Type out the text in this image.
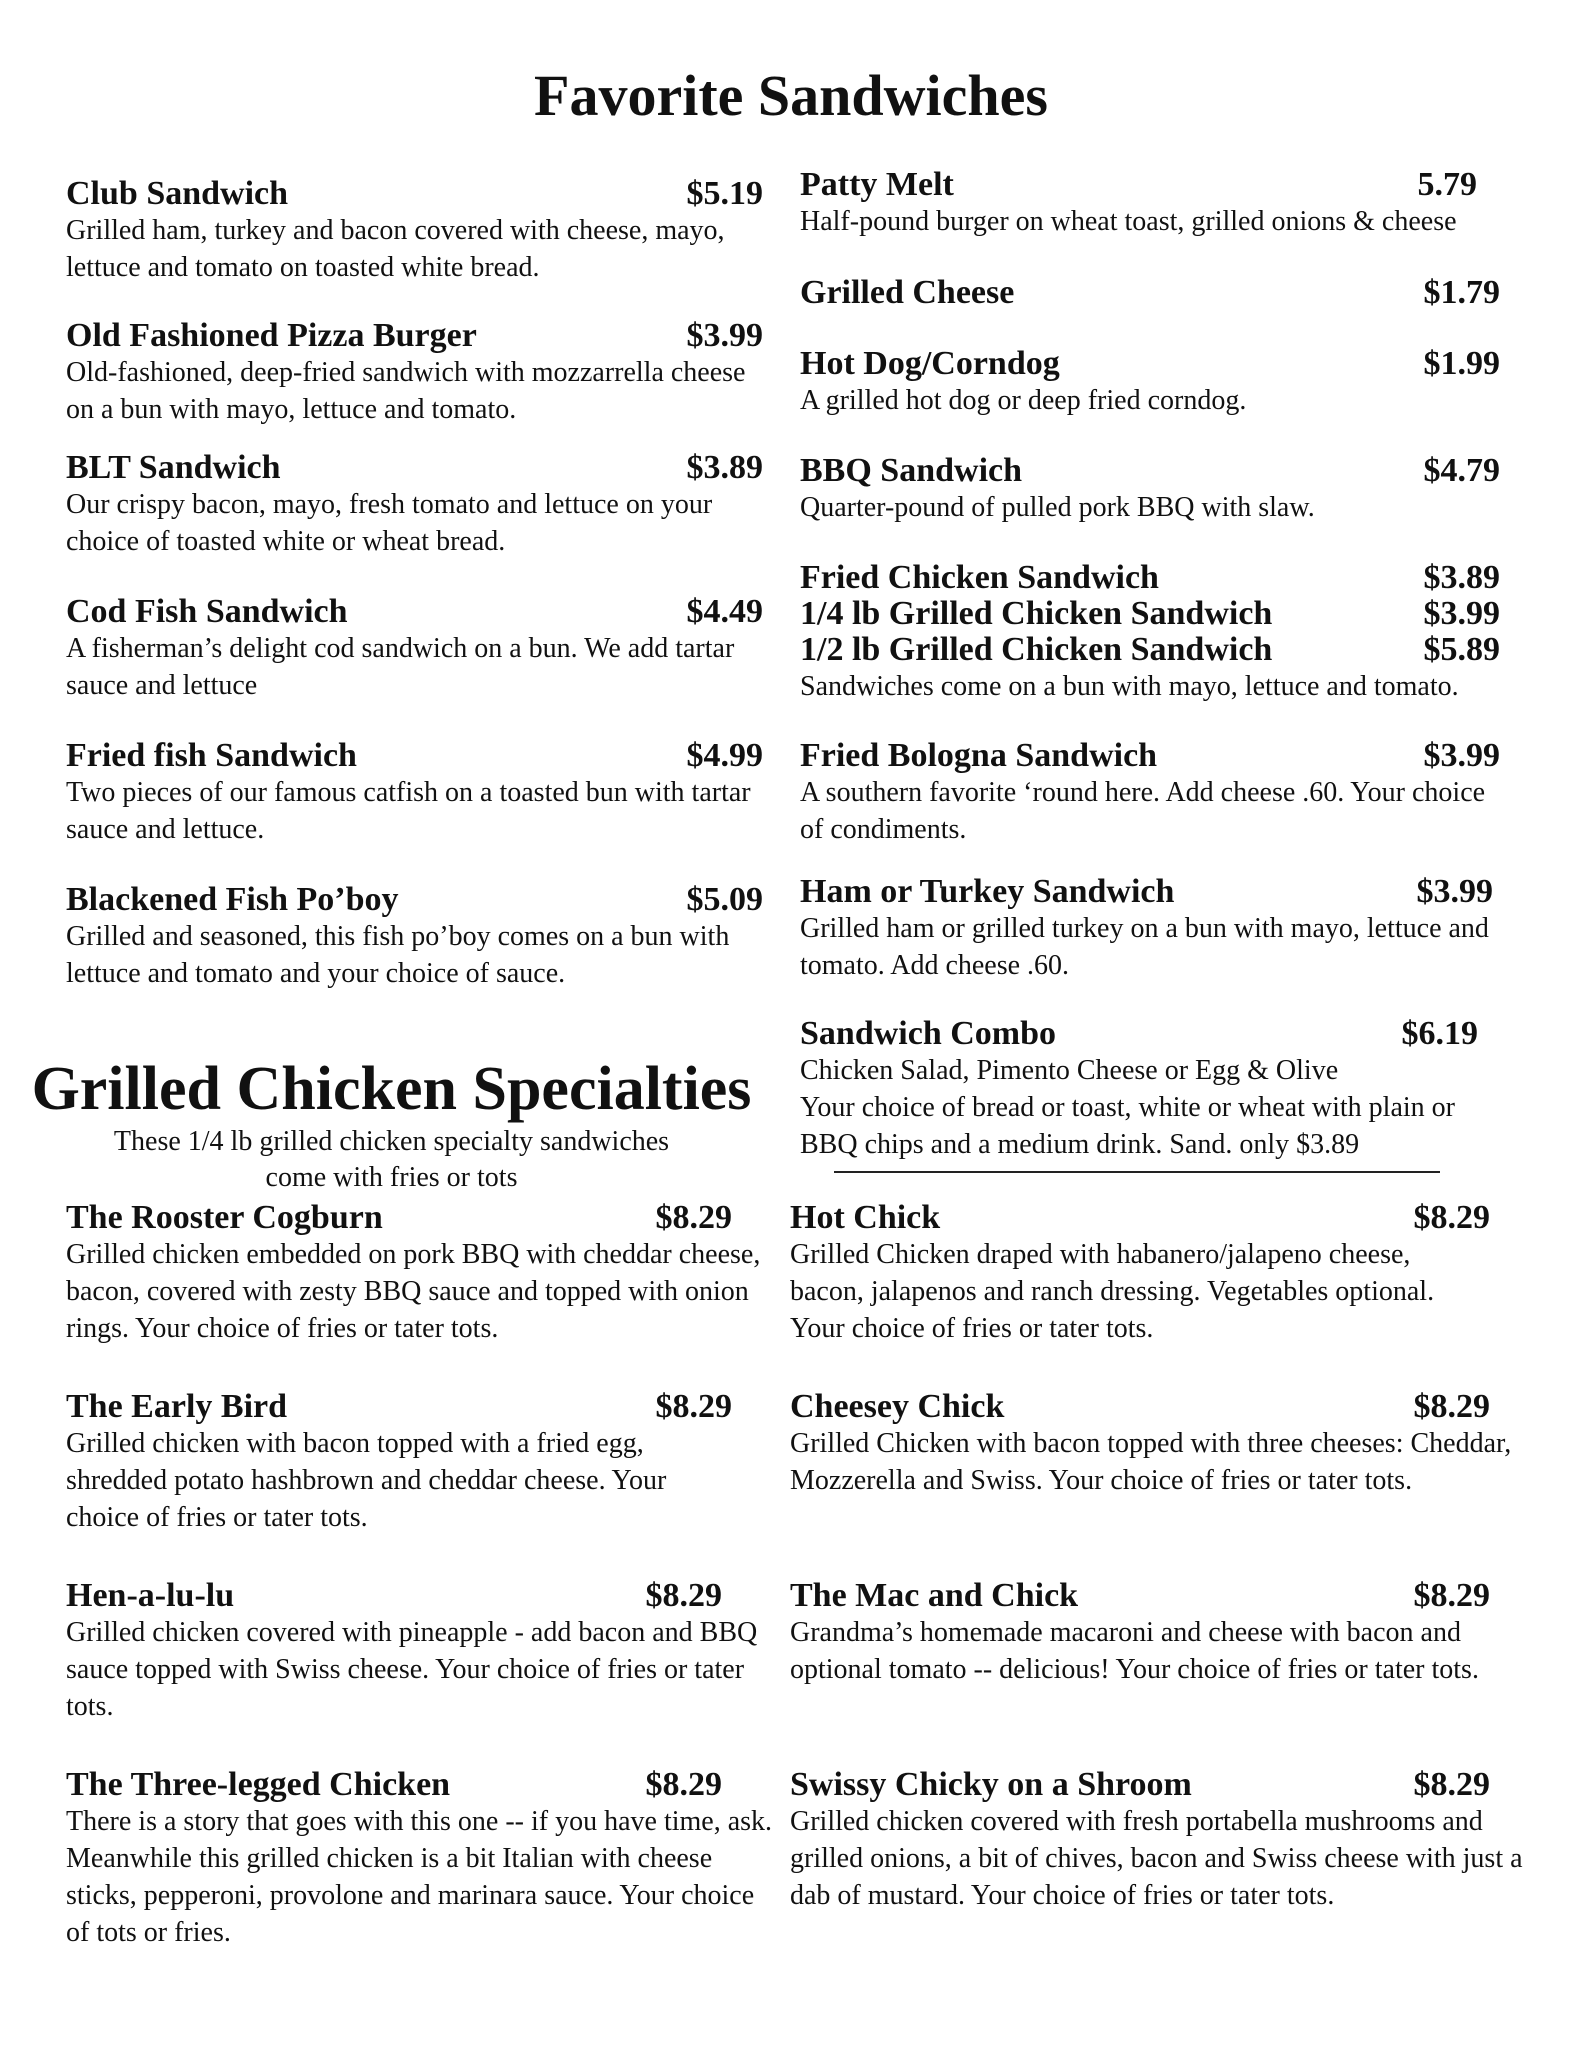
Favorite Sandwiches
Club Sandwich	$5.19
Grilled ham, turkey and bacon covered with cheese, mayo, lettuce and tomato on toasted white bread.
Old Fashioned Pizza Burger	$3.99
Old-fashioned, deep-fried sandwich with mozzarrella cheese on a bun with mayo, lettuce and tomato.
BLT Sandwich	$3.89
Our crispy bacon, mayo, fresh tomato and lettuce on your choice of toasted white or wheat bread.
Cod Fish Sandwich	$4.49
A fisherman’s delight cod sandwich on a bun. We add tartar sauce and lettuce
Fried fish Sandwich	$4.99
Two pieces of our famous catfish on a toasted bun with tartar sauce and lettuce.
Blackened Fish Po’boy	$5.09
Grilled and seasoned, this fish po’boy comes on a bun with lettuce and tomato and your choice of sauce.
Patty Melt	5.79
Half-pound burger on wheat toast, grilled onions & cheese
Grilled Cheese	$1.79
Hot Dog/Corndog	$1.99
A grilled hot dog or deep fried corndog.
BBQ Sandwich	$4.79
Quarter-pound of pulled pork BBQ with slaw.
Fried Chicken Sandwich	$3.89
1/4 lb Grilled Chicken Sandwich	$3.99
1/2 lb Grilled Chicken Sandwich	$5.89
Sandwiches come on a bun with mayo, lettuce and tomato.
Fried Bologna Sandwich	$3.99
A southern favorite ‘round here. Add cheese .60. Your choice of condiments.
Ham or Turkey Sandwich	$3.99
Grilled ham or grilled turkey on a bun with mayo, lettuce and tomato. Add cheese .60.
Sandwich Combo	$6.19
Chicken Salad, Pimento Cheese or Egg & Olive
Your choice of bread or toast, white or wheat with plain or BBQ chips and a medium drink. Sand. only $3.89
Grilled Chicken Specialties
These 1/4 lb grilled chicken specialty sandwiches
come with fries or tots
The Rooster Cogburn	$8.29
Grilled chicken embedded on pork BBQ with cheddar cheese, bacon, covered with zesty BBQ sauce and topped with onion rings. Your choice of fries or tater tots.
The Early Bird	$8.29
Grilled chicken with bacon topped with a fried egg, shredded potato hashbrown and cheddar cheese. Your choice of fries or tater tots.
Hen-a-lu-lu	$8.29
Grilled chicken covered with pineapple - add bacon and BBQ sauce topped with Swiss cheese. Your choice of fries or tater tots.
The Three-legged Chicken	$8.29
There is a story that goes with this one -- if you have time, ask. Meanwhile this grilled chicken is a bit Italian with cheese sticks, pepperoni, provolone and marinara sauce. Your choice of tots or fries.
Hot Chick	$8.29
Grilled Chicken draped with habanero/jalapeno cheese, bacon, jalapenos and ranch dressing. Vegetables optional. Your choice of fries or tater tots.
Cheesey Chick	$8.29
Grilled Chicken with bacon topped with three cheeses: Cheddar, Mozzerella and Swiss. Your choice of fries or tater tots.
The Mac and Chick	$8.29
Grandma’s homemade macaroni and cheese with bacon and optional tomato -- delicious! Your choice of fries or tater tots.
Swissy Chicky on a Shroom	$8.29
Grilled chicken covered with fresh portabella mushrooms and grilled onions, a bit of chives, bacon and Swiss cheese with just a dab of mustard. Your choice of fries or tater tots.
